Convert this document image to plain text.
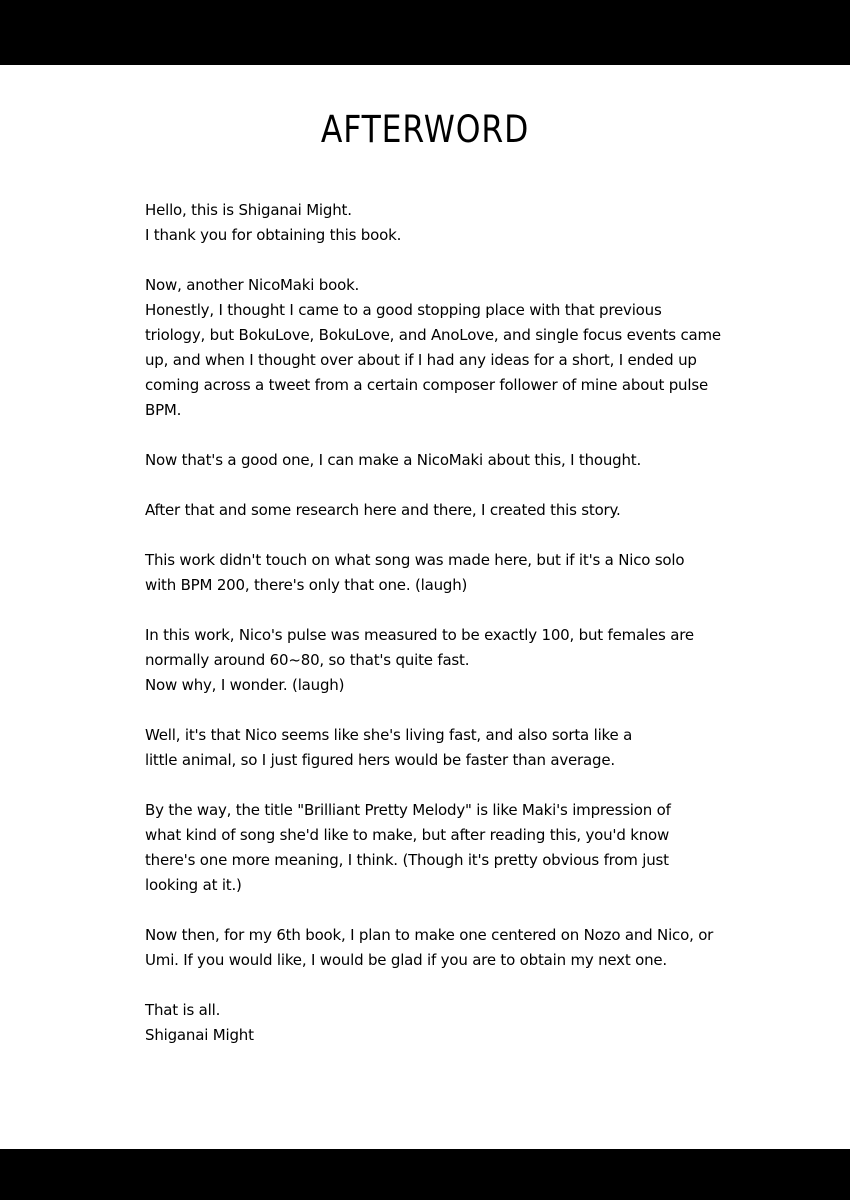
AFTERWORD
Hello, this is Shiganai Might.
I thank you for obtaining this book.
Now, another NicoMaki book.
Honestly, I thought I came to a good stopping place with that previous
triology, but BokuLove, BokuLove, and AnoLove, and single focus events came
up, and when I thought over about if I had any ideas for a short, I ended up
coming across a tweet from a certain composer follower of mine about pulse
BPM.
Now that's a good one, I can make a NicoMaki about this, I thought.
After that and some research here and there, I created this story.
This work didn't touch on what song was made here, but if it's a Nico solo
with BPM 200, there's only that one. (laugh)
In this work, Nico's pulse was measured to be exactly 100, but females are
normally around 60~80, so that's quite fast.
Now why, I wonder. (laugh)
Well, it's that Nico seems like she's living fast, and also sorta like a
little animal, so I just figured hers would be faster than average.
By the way, the title "Brilliant Pretty Melody" is like Maki's impression of
what kind of song she'd like to make, but after reading this, you'd know
there's one more meaning, I think. (Though it's pretty obvious from just
looking at it.)
Now then, for my 6th book, I plan to make one centered on Nozo and Nico, or
Umi. If you would like, I would be glad if you are to obtain my next one.
That is all.
Shiganai Might
